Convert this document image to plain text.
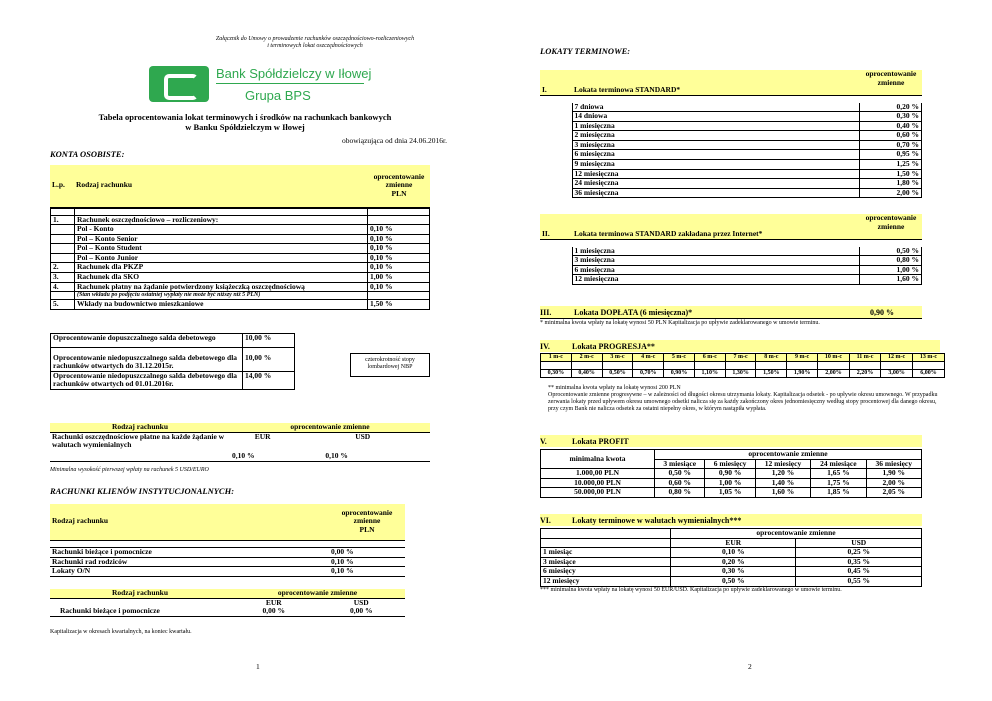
Załącznik do Umowy o prowadzenie rachunków oszczędnościowo-rozliczeniowych
i terminowych lokat oszczędnościowych
Bank Spółdzielczy w Iłowej
Grupa BPS
Tabela oprocentowania lokat terminowych i środków na rachunkach bankowych
w Banku Spółdzielczym w Iłowej
obowiązująca od dnia 24.06.2016r.
KONTA OSOBISTE:
L.p.	Rodzaj rachunku	
oprocentowanie
zmienne
PLN

1.	Rachunek oszczędnościowo – rozliczeniowy:	
	Pol - Konto	0,10 %
	Pol – Konto Senior	0,10 %
	Pol – Konto Student	0,10 %
	Pol – Konto Junior	0,10 %
2.	Rachunek dla PKZP	0,10 %
3.	Rachunek dla SKO	1,00 %
4.	Rachunek płatny na żądanie potwierdzony książeczką oszczędnościową	0,10 %
	(Stan wkładu po podjęciu ostatniej wypłaty nie może być niższy niż 5 PLN)	
5.	Wkłady na budownictwo mieszkaniowe	1,50 %
Oprocentowanie dopuszczalnego salda debetowego	10,00 %

Oprocentowanie niedopuszczalnego salda debetowego dla rachunków otwartych do 31.12.2015r.	10,00 %
Oprocentowanie niedopuszczalnego salda debetowego dla rachunków otwartych od 01.01.2016r.	14,00 %
czterokrotność stopy lombardowej NBP
Rodzaj rachunku	oprocentowanie zmienne	
Rachunki oszczędnościowe płatne na każde żądanie w walutach wymienialnych	EUR	USD
	0,10 %	0,10 %
Minimalna wysokość pierwszej wpłaty na rachunek 5 USD/EURO
RACHUNKI KLIENÓW INSTYTUCJONALNYCH:
Rodzaj rachunku	
oprocentowanie
zmienne
PLN

Rachunki bieżące i pomocnicze	0,00 %
Rachunki rad rodziców	0,10 %
Lokaty O/N	0,10 %
Rodzaj rachunku	oprocentowanie zmienne	
	EUR	USD
Rachunki bieżące i pomocnicze	0,00 %	0,00 %
Kapitalizacja w okresach kwartalnych, na koniec kwartału.
1
LOKATY TERMINOWE:
I.	Lokata terminowa STANDARD*	
oprocentowanie
zmienne

	7 dniowa	0,20 %
	14 dniowa	0,30 %
	1 miesięczna	0,40 %
	2 miesięczna	0,60 %
	3 miesięczna	0,70 %
	6 miesięczna	0,95 %
	9 miesięczna	1,25 %
	12 miesięczna	1,50 %
	24 miesięczna	1,80 %
	36 miesięczna	2,00 %
II.	Lokata terminowa STANDARD zakładana przez Internet*	
oprocentowanie
zmienne

	1 miesięczna	0,50 %
	3 miesięczna	0,80 %
	6 miesięczna	1,00 %
	12 miesięczna	1,60 %
III.	Lokata DOPŁATA (6 miesięczna)*	0,90 %
* minimalna kwota wpłaty na lokatę wynosi 50 PLN Kapitalizacja po upływie zadeklarowanego w umowie terminu.
IV.	Lokata PROGRESJA**
1 m-c	2 m-c	3 m-c	4 m-c	5 m-c	6 m-c	7 m-c	8 m-c	9 m-c	10 m-c	11 m-c	12 m-c	13 m-c

0,30%	0,40%	0,50%	0,70%	0,90%	1,10%	1,30%	1,50%	1,90%	2,00%	2,20%	3,00%	6,00%
** minimalna kwota wpłaty na lokatę wynosi 200 PLN
Oprocentowanie zmienne progresywne – w zależności od długości okresu utrzymania lokaty. Kapitalizacja odsetek - po upływie okresu umownego. W przypadku zerwania lokaty przed upływem okresu umownego odsetki nalicza się za każdy zakończony okres jednomiesięczny według stopy procentowej dla danego okresu, przy czym Bank nie nalicza odsetek za ostatni niepełny okres, w którym nastąpiła wypłata.
V.	Lokata PROFIT
minimalna kwota	oprocentowanie zmienne				
	3 miesiące	6 miesięcy	12 miesięcy	24 miesiące	36 miesięcy
1.000,00 PLN	0,50 %	0,90 %	1,20 %	1,65 %	1,90 %
10.000,00 PLN	0,60 %	1,00 %	1,40 %	1,75 %	2,00 %
50.000,00 PLN	0,80 %	1,05 %	1,60 %	1,85 %	2,05 %
VI.	Lokaty terminowe w walutach wymienialnych***
	oprocentowanie zmienne	
	EUR	USD
1 miesiąc	0,10 %	0,25 %
3 miesiące	0,20 %	0,35 %
6 miesięcy	0,30 %	0,45 %
12 miesięcy	0,50 %	0,55 %
*** minimalna kwota wpłaty na lokatę wynosi 50 EUR/USD. Kapitalizacja po upływie zadeklarowanego w umowie terminu.
2
